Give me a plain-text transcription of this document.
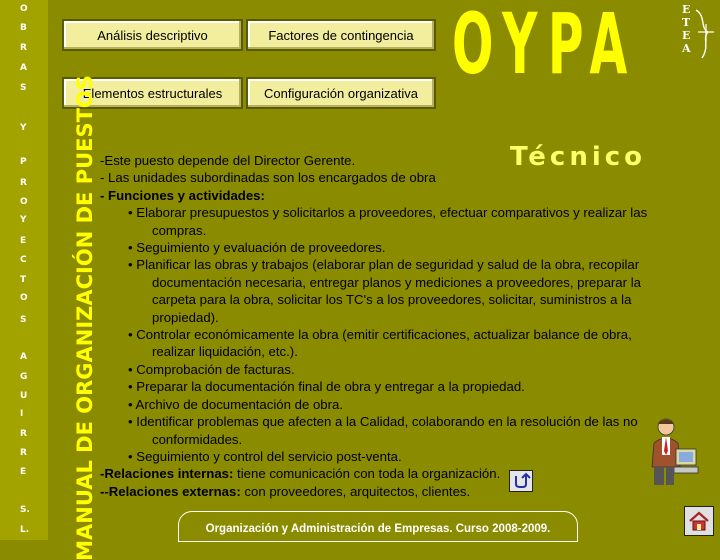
O
B
R
A
S
Y
P
R
O
Y
E
C
T
O
S
A
G
U
I
R
R
E
S.
L.
Análisis descriptivo	Factores de contingencia
Elementos estructurales	Configuración organizativa OYPA	E
T
E
A
MANUAL DE ORGANIZACIÓN DE PUESTOS	Técnico
-Este puesto depende del Director Gerente.
- Las unidades subordinadas son los encargados de obra
- Funciones y actividades:
• Elaborar presupuestos y solicitarlos a proveedores, efectuar comparativos y realizar las
compras.
• Seguimiento y evaluación de proveedores.
• Planificar las obras y trabajos (elaborar plan de seguridad y salud de la obra, recopilar
documentación necesaria, entregar planos y mediciones a proveedores, preparar la
carpeta para la obra, solicitar los TC's a los proveedores, solicitar, suministros a la
propiedad).
• Controlar económicamente la obra (emitir certificaciones, actualizar balance de obra,
realizar liquidación, etc.).
• Comprobación de facturas.
• Preparar la documentación final de obra y entregar a la propiedad.
• Archivo de documentación de obra.
• Identificar problemas que afecten a la Calidad, colaborando en la resolución de las no
conformidades.
• Seguimiento y control del servicio post-venta.
-Relaciones internas: tiene comunicación con toda la organización.
--Relaciones externas: con proveedores, arquitectos, clientes.
Organización y Administración de Empresas. Curso 2008-2009.
